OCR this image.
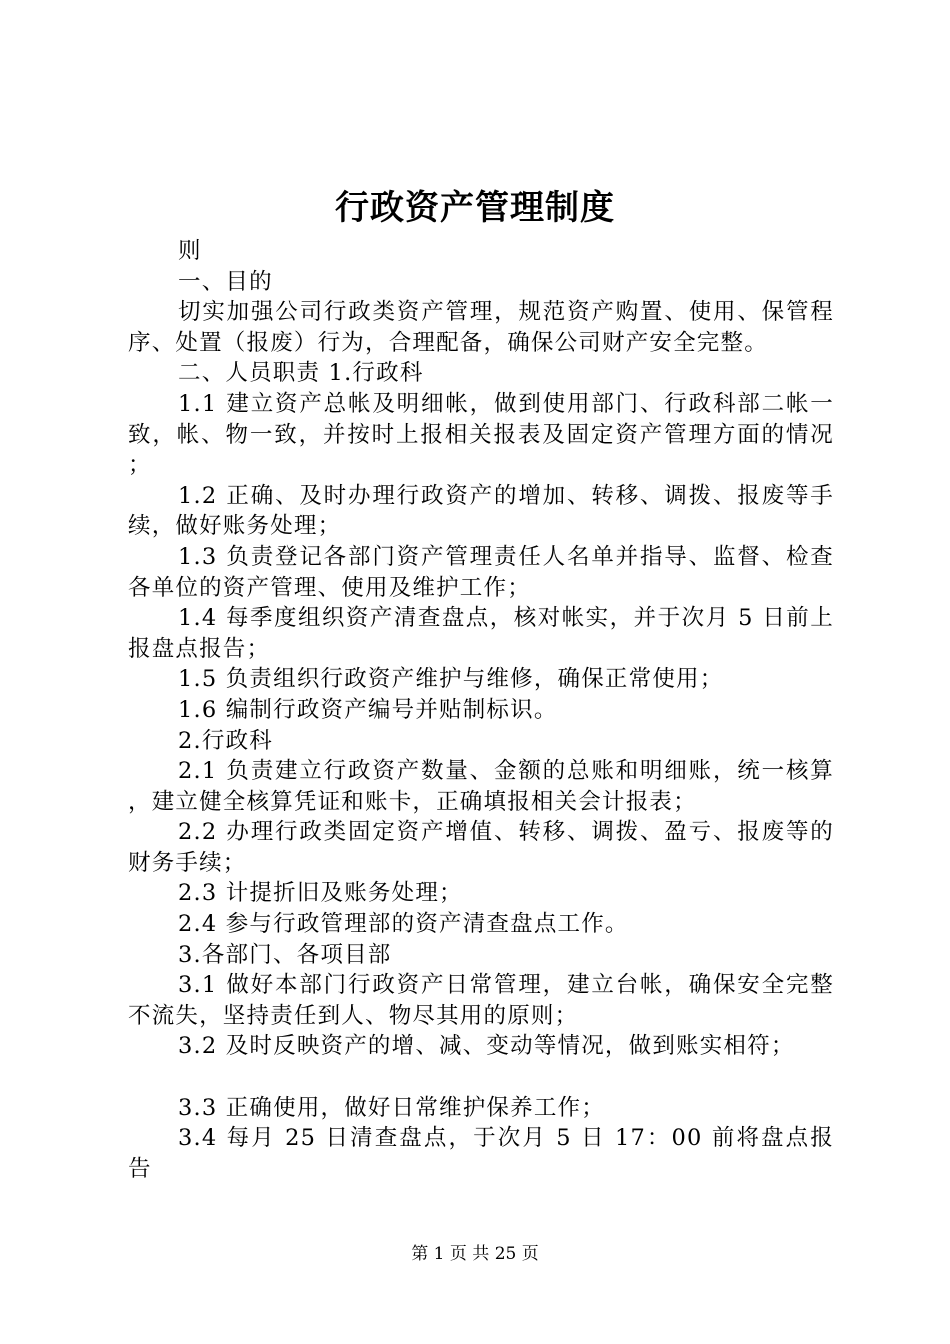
行政资产管理制度

则

一、目的

切实加强公司行政类资产管理，规范资产购置、使用、保管程序、处置（报废）行为，合理配备，确保公司财产安全完整。

二、人员职责 1.行政科

1.1 建立资产总帐及明细帐，做到使用部门、行政科部二帐一致，帐、物一致，并按时上报相关报表及固定资产管理方面的情况；

1.2 正确、及时办理行政资产的增加、转移、调拨、报废等手续，做好账务处理；

1.3 负责登记各部门资产管理责任人名单并指导、监督、检查各单位的资产管理、使用及维护工作；

1.4 每季度组织资产清查盘点，核对帐实，并于次月 5 日前上报盘点报告；

1.5 负责组织行政资产维护与维修，确保正常使用；

1.6 编制行政资产编号并贴制标识。

2.行政科

2.1 负责建立行政资产数量、金额的总账和明细账，统一核算，建立健全核算凭证和账卡，正确填报相关会计报表；

2.2 办理行政类固定资产增值、转移、调拨、盈亏、报废等的财务手续；

2.3 计提折旧及账务处理；

2.4 参与行政管理部的资产清查盘点工作。

3.各部门、各项目部

3.1 做好本部门行政资产日常管理，建立台帐，确保安全完整不流失，坚持责任到人、物尽其用的原则；

3.2 及时反映资产的增、减、变动等情况，做到账实相符；

3.3 正确使用，做好日常维护保养工作；

3.4 每月 25 日清查盘点，于次月 5 日 17：00 前将盘点报告

第 1 页 共 25 页
